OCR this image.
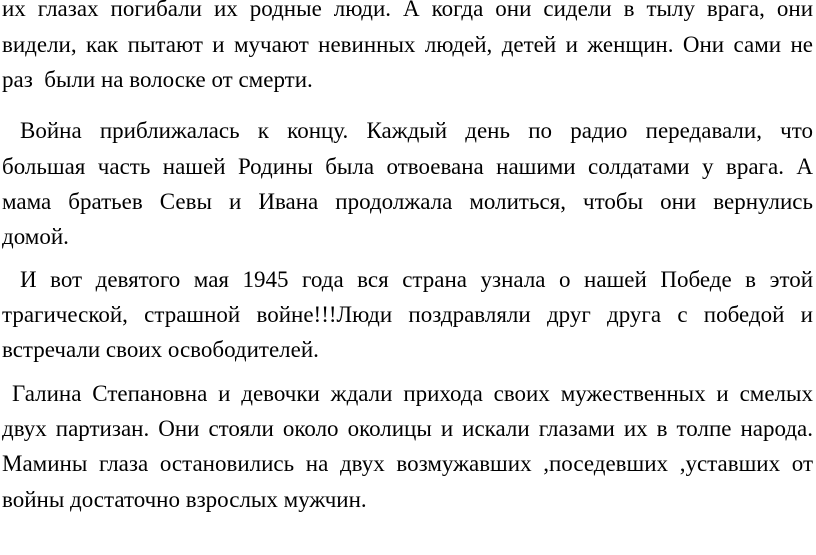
их глазах погибали их родные люди. А когда они сидели в тылу врага, они
видели, как пытают и мучают невинных людей, детей и женщин. Они сами не
раз  были на волоске от смерти.
Война приближалась к концу. Каждый день по радио передавали, что
большая часть нашей Родины была отвоевана нашими солдатами у врага. А
мама братьев Севы и Ивана продолжала молиться, чтобы они вернулись
домой.
И вот девятого мая 1945 года вся страна узнала о нашей Победе в этой
трагической, страшной войне!!!Люди поздравляли друг друга с победой и
встречали своих освободителей.
Галина Степановна и девочки ждали прихода своих мужественных и смелых
двух партизан. Они стояли около околицы и искали глазами их в толпе народа.
Мамины глаза остановились на двух возмужавших ,поседевших ,уставших от
войны достаточно взрослых мужчин.
